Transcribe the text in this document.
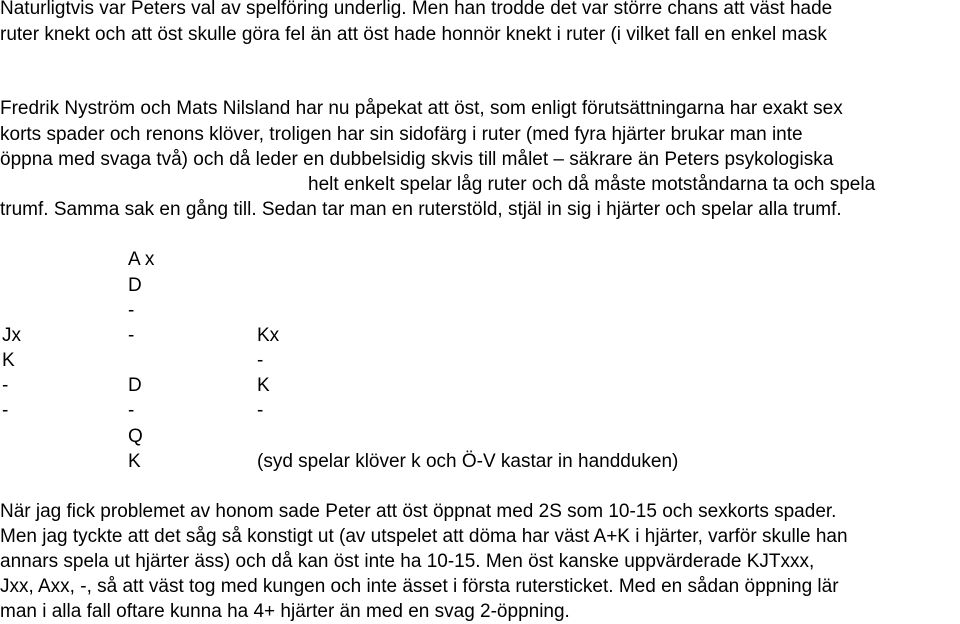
Naturligtvis var Peters val av spelföring underlig. Men han trodde det var större chans att väst hade
ruter knekt och att öst skulle göra fel än att öst hade honnör knekt i ruter (i vilket fall en enkel mask
Fredrik Nyström och Mats Nilsland har nu påpekat att öst, som enligt förutsättningarna har exakt sex
korts spader och renons klöver, troligen har sin sidofärg i ruter (med fyra hjärter brukar man inte
öppna med svaga två) och då leder en dubbelsidig skvis till målet – säkrare än Peters psykologiska
helt enkelt spelar låg ruter och då måste motståndarna ta och spela
trumf. Samma sak en gång till. Sedan tar man en ruterstöld, stjäl in sig i hjärter och spelar alla trumf.
A x
D
-
Jx
K
-
-
-
D
-
Q
K
Kx
-
K
-
(syd spelar klöver k och Ö-V kastar in handduken)
När jag fick problemet av honom sade Peter att öst öppnat med 2S som 10-15 och sexkorts spader.
Men jag tyckte att det såg så konstigt ut (av utspelet att döma har väst A+K i hjärter, varför skulle han
annars spela ut hjärter äss) och då kan öst inte ha 10-15. Men öst kanske uppvärderade KJTxxx,
Jxx, Axx, -, så att väst tog med kungen och inte ässet i första rutersticket. Med en sådan öppning lär
man i alla fall oftare kunna ha 4+ hjärter än med en svag 2-öppning.
